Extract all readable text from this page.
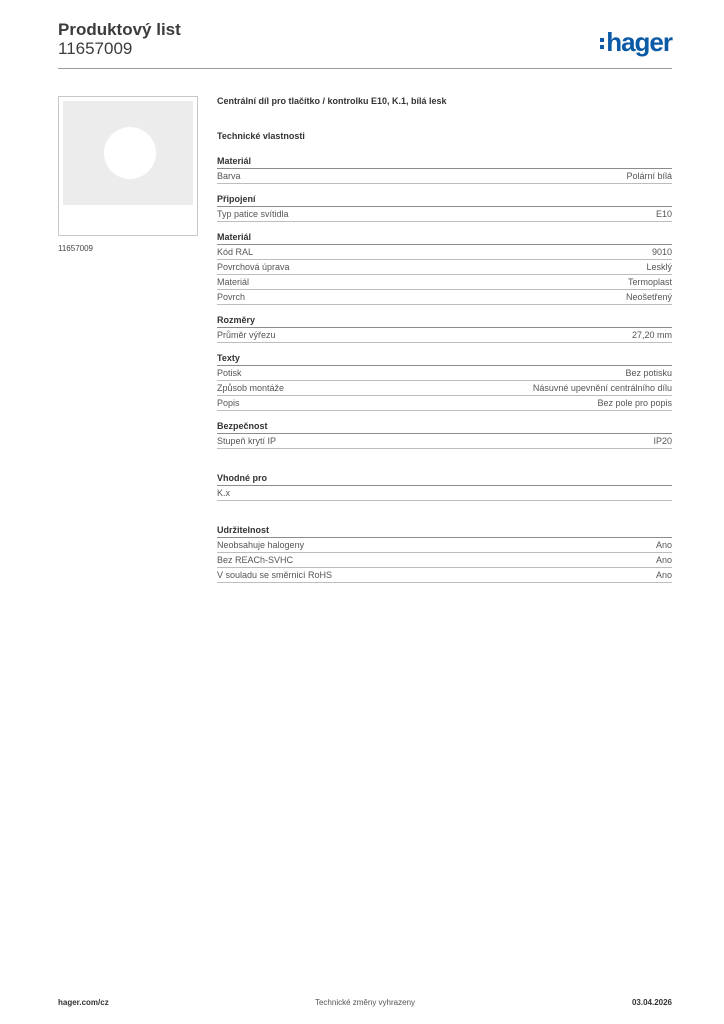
Produktový list
11657009	hager
11657009
Centrální díl pro tlačítko / kontrolku E10, K.1, bílá lesk
Technické vlastnosti
Materiál
Barva	Polární bílá
Připojení
Typ patice svítidla	E10
Materiál
Kód RAL	9010
Povrchová úprava	Lesklý
Materiál	Termoplast
Povrch	Neošetřený
Rozměry
Průměr výřezu	27,20 mm
Texty
Potisk	Bez potisku
Způsob montáže	Násuvné upevnění centrálního dílu
Popis	Bez pole pro popis
Bezpečnost
Stupeň krytí IP	IP20
Vhodné pro
K.x
Udržitelnost
Neobsahuje halogeny	Ano
Bez REACh-SVHC	Ano
V souladu se směrnicí RoHS	Ano
hager.com/cz	Technické změny vyhrazeny	03.04.2026
